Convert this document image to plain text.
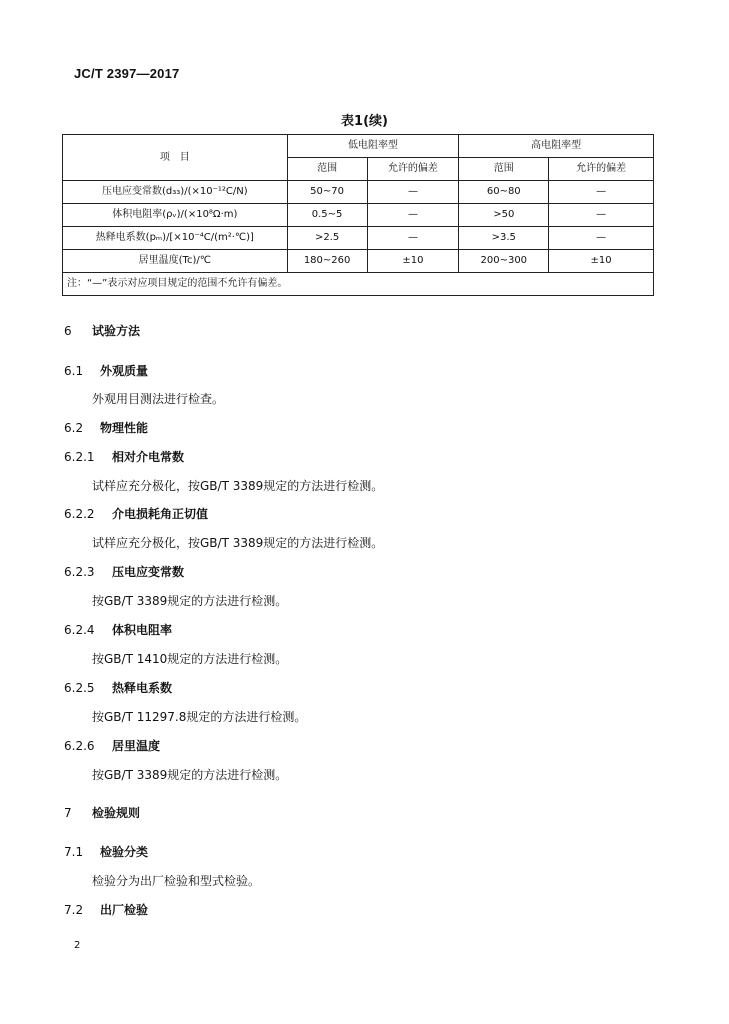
JC/T 2397—2017
表1(续)
项　目	低电阻率型		高电阻率型	
	范围	允许的偏差	范围	允许的偏差
压电应变常数(d₃₃)/(×10⁻¹²C/N)	50~70	—	60~80	—
体积电阻率(ρᵥ)/(×10⁸Ω·m)	0.5~5	—	>50	—
热释电系数(pₘ)/[×10⁻⁴C/(m²·℃)]	>2.5	—	>3.5	—
居里温度(Tc)/℃	180~260	±10	200~300	±10
注：“—”表示对应项目规定的范围不允许有偏差。				
6 试验方法
6.1 外观质量
外观用目测法进行检查。
6.2 物理性能
6.2.1 相对介电常数
试样应充分极化，按GB/T 3389规定的方法进行检测。
6.2.2 介电损耗角正切值
试样应充分极化，按GB/T 3389规定的方法进行检测。
6.2.3 压电应变常数
按GB/T 3389规定的方法进行检测。
6.2.4 体积电阻率
按GB/T 1410规定的方法进行检测。
6.2.5 热释电系数
按GB/T 11297.8规定的方法进行检测。
6.2.6 居里温度
按GB/T 3389规定的方法进行检测。
7 检验规则
7.1 检验分类
检验分为出厂检验和型式检验。
7.2 出厂检验
2
